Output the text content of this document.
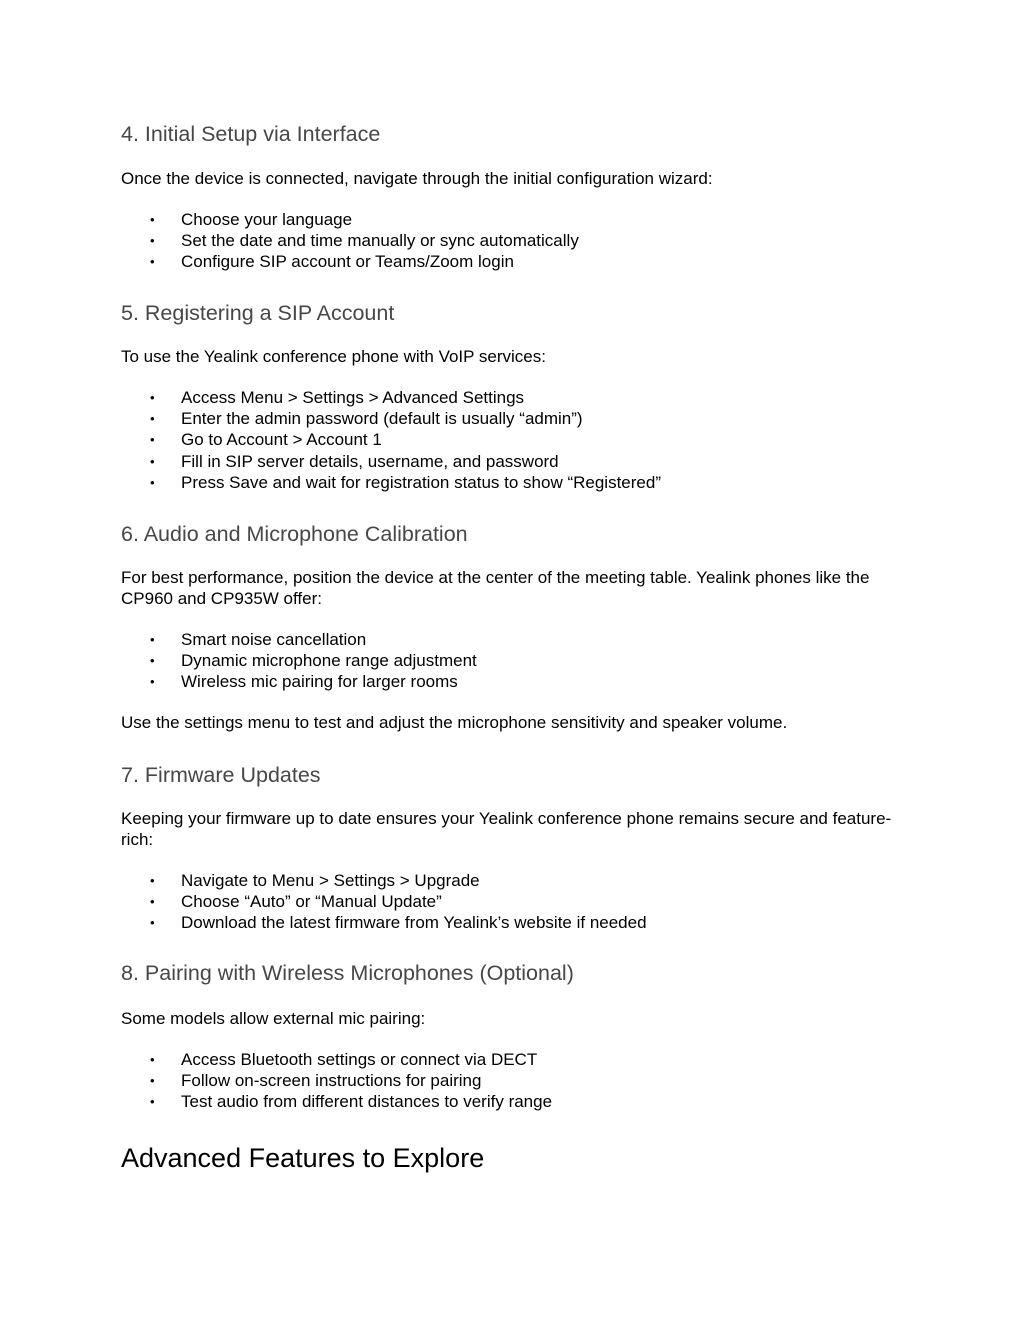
4. Initial Setup via Interface

Once the device is connected, navigate through the initial configuration wizard:

• Choose your language
• Set the date and time manually or sync automatically
• Configure SIP account or Teams/Zoom login
5. Registering a SIP Account

To use the Yealink conference phone with VoIP services:

• Access Menu > Settings > Advanced Settings
• Enter the admin password (default is usually “admin”)
• Go to Account > Account 1
• Fill in SIP server details, username, and password
• Press Save and wait for registration status to show “Registered”
6. Audio and Microphone Calibration

For best performance, position the device at the center of the meeting table. Yealink phones like the CP960 and CP935W offer:

• Smart noise cancellation
• Dynamic microphone range adjustment
• Wireless mic pairing for larger rooms

Use the settings menu to test and adjust the microphone sensitivity and speaker volume.

7. Firmware Updates

Keeping your firmware up to date ensures your Yealink conference phone remains secure and feature-rich:

• Navigate to Menu > Settings > Upgrade
• Choose “Auto” or “Manual Update”
• Download the latest firmware from Yealink’s website if needed
8. Pairing with Wireless Microphones (Optional)

Some models allow external mic pairing:

• Access Bluetooth settings or connect via DECT
• Follow on-screen instructions for pairing
• Test audio from different distances to verify range
Advanced Features to Explore
